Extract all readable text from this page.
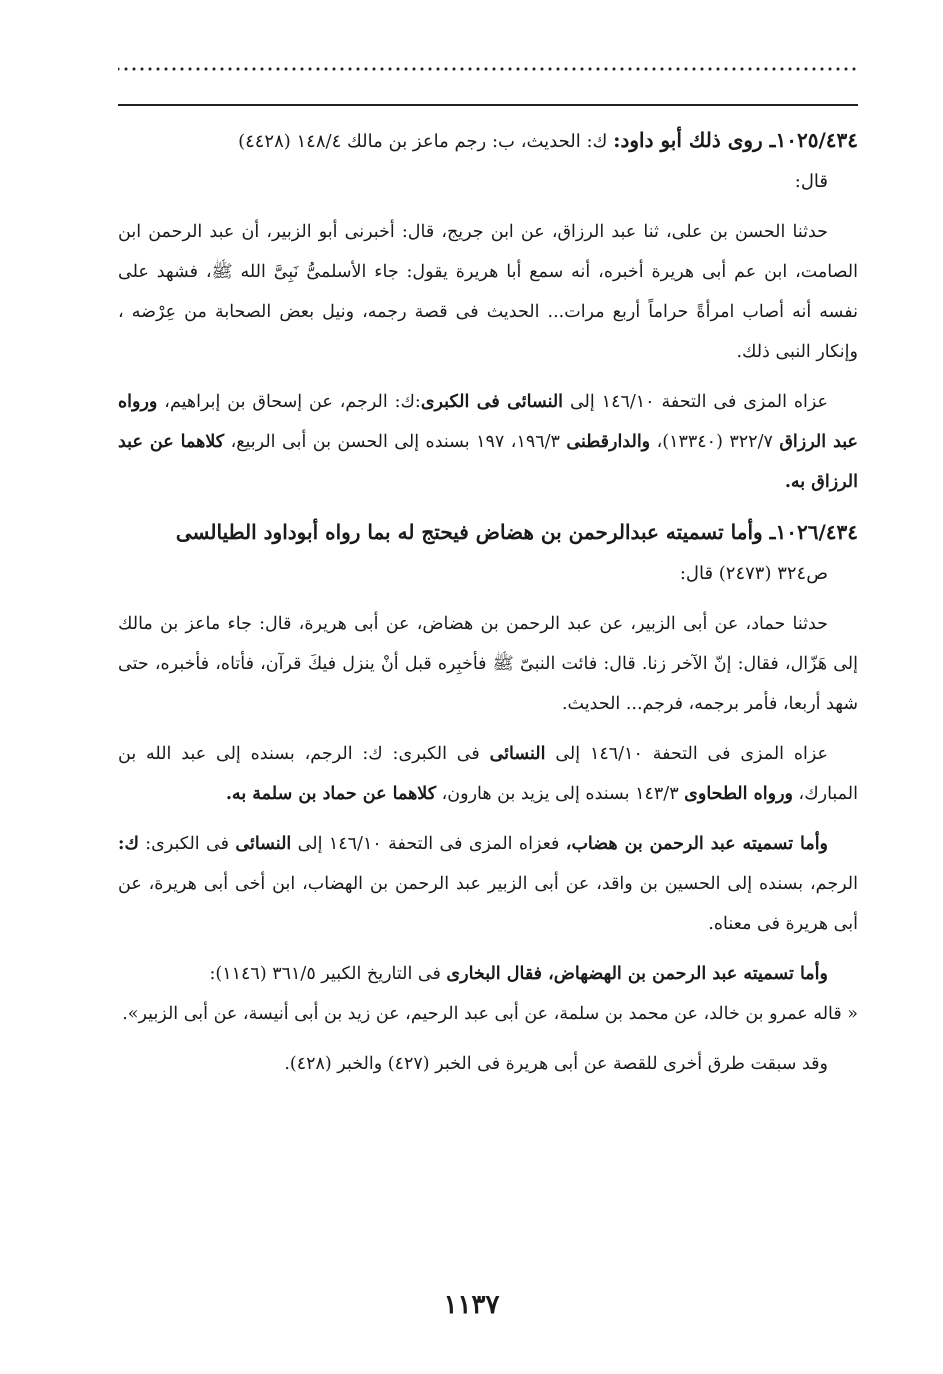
١٠٢٥/٤٣٤ـ روى ذلك أبو داود: ك: الحديث، ب: رجم ماعز بن مالك ١٤٨/٤ (٤٤٢٨)
قال:

حدثنا الحسن بن على، ثنا عبد الرزاق، عن ابن جريج، قال: أخبرنى أبو الزبير، أن عبد الرحمن ابن الصامت، ابن عم أبى هريرة أخبره، أنه سمع أبا هريرة يقول: جاء الأسلمىُّ نَبِىَّ الله ﷺ، فشهد على نفسه أنه أصاب امرأةً حراماً أربع مرات... الحديث فى قصة رجمه، ونيل بعض الصحابة من عِرْضه ، وإنكار النبى ذلك.

عزاه المزى فى التحفة ١٤٦/١٠ إلى النسائى فى الكبرى:ك: الرجم، عن إسحاق بن إبراهيم، ورواه عبد الرزاق ٣٢٢/٧ (١٣٣٤٠)، والدارقطنى ١٩٦/٣، ١٩٧ بسنده إلى الحسن بن أبى الربيع، كلاهما عن عبد الرزاق به.

١٠٢٦/٤٣٤ـ وأما تسميته عبدالرحمن بن هضاض فيحتج له بما رواه أبوداود الطيالسى
ص٣٢٤ (٢٤٧٣) قال:

حدثنا حماد، عن أبى الزبير، عن عبد الرحمن بن هضاض، عن أبى هريرة، قال: جاء ماعز بن مالك إلى هَزّال، فقال: إنّ الآخر زنا. قال: فائت النبىّ ﷺ فأخبِره قبل أنْ ينزل فيكَ قرآن، فأتاه، فأخبره، حتى شهد أربعا، فأمر برجمه، فرجم... الحديث.

عزاه المزى فى التحفة ١٤٦/١٠ إلى النسائى فى الكبرى: ك: الرجم، بسنده إلى عبد الله بن المبارك، ورواه الطحاوى ١٤٣/٣ بسنده إلى يزيد بن هارون، كلاهما عن حماد بن سلمة به.

وأما تسميته عبد الرحمن بن هضاب، فعزاه المزى فى التحفة ١٤٦/١٠ إلى النسائى فى الكبرى: ك: الرجم، بسنده إلى الحسين بن واقد، عن أبى الزبير عبد الرحمن بن الهضاب، ابن أخى أبى هريرة، عن أبى هريرة فى معناه.

وأما تسميته عبد الرحمن بن الهضهاض، فقال البخارى فى التاريخ الكبير ٣٦١/٥ (١١٤٦):
« قاله عمرو بن خالد، عن محمد بن سلمة، عن أبى عبد الرحيم، عن زيد بن أبى أنيسة، عن أبى الزبير».

وقد سبقت طرق أخرى للقصة عن أبى هريرة فى الخبر (٤٢٧) والخبر (٤٢٨).

١١٣٧
